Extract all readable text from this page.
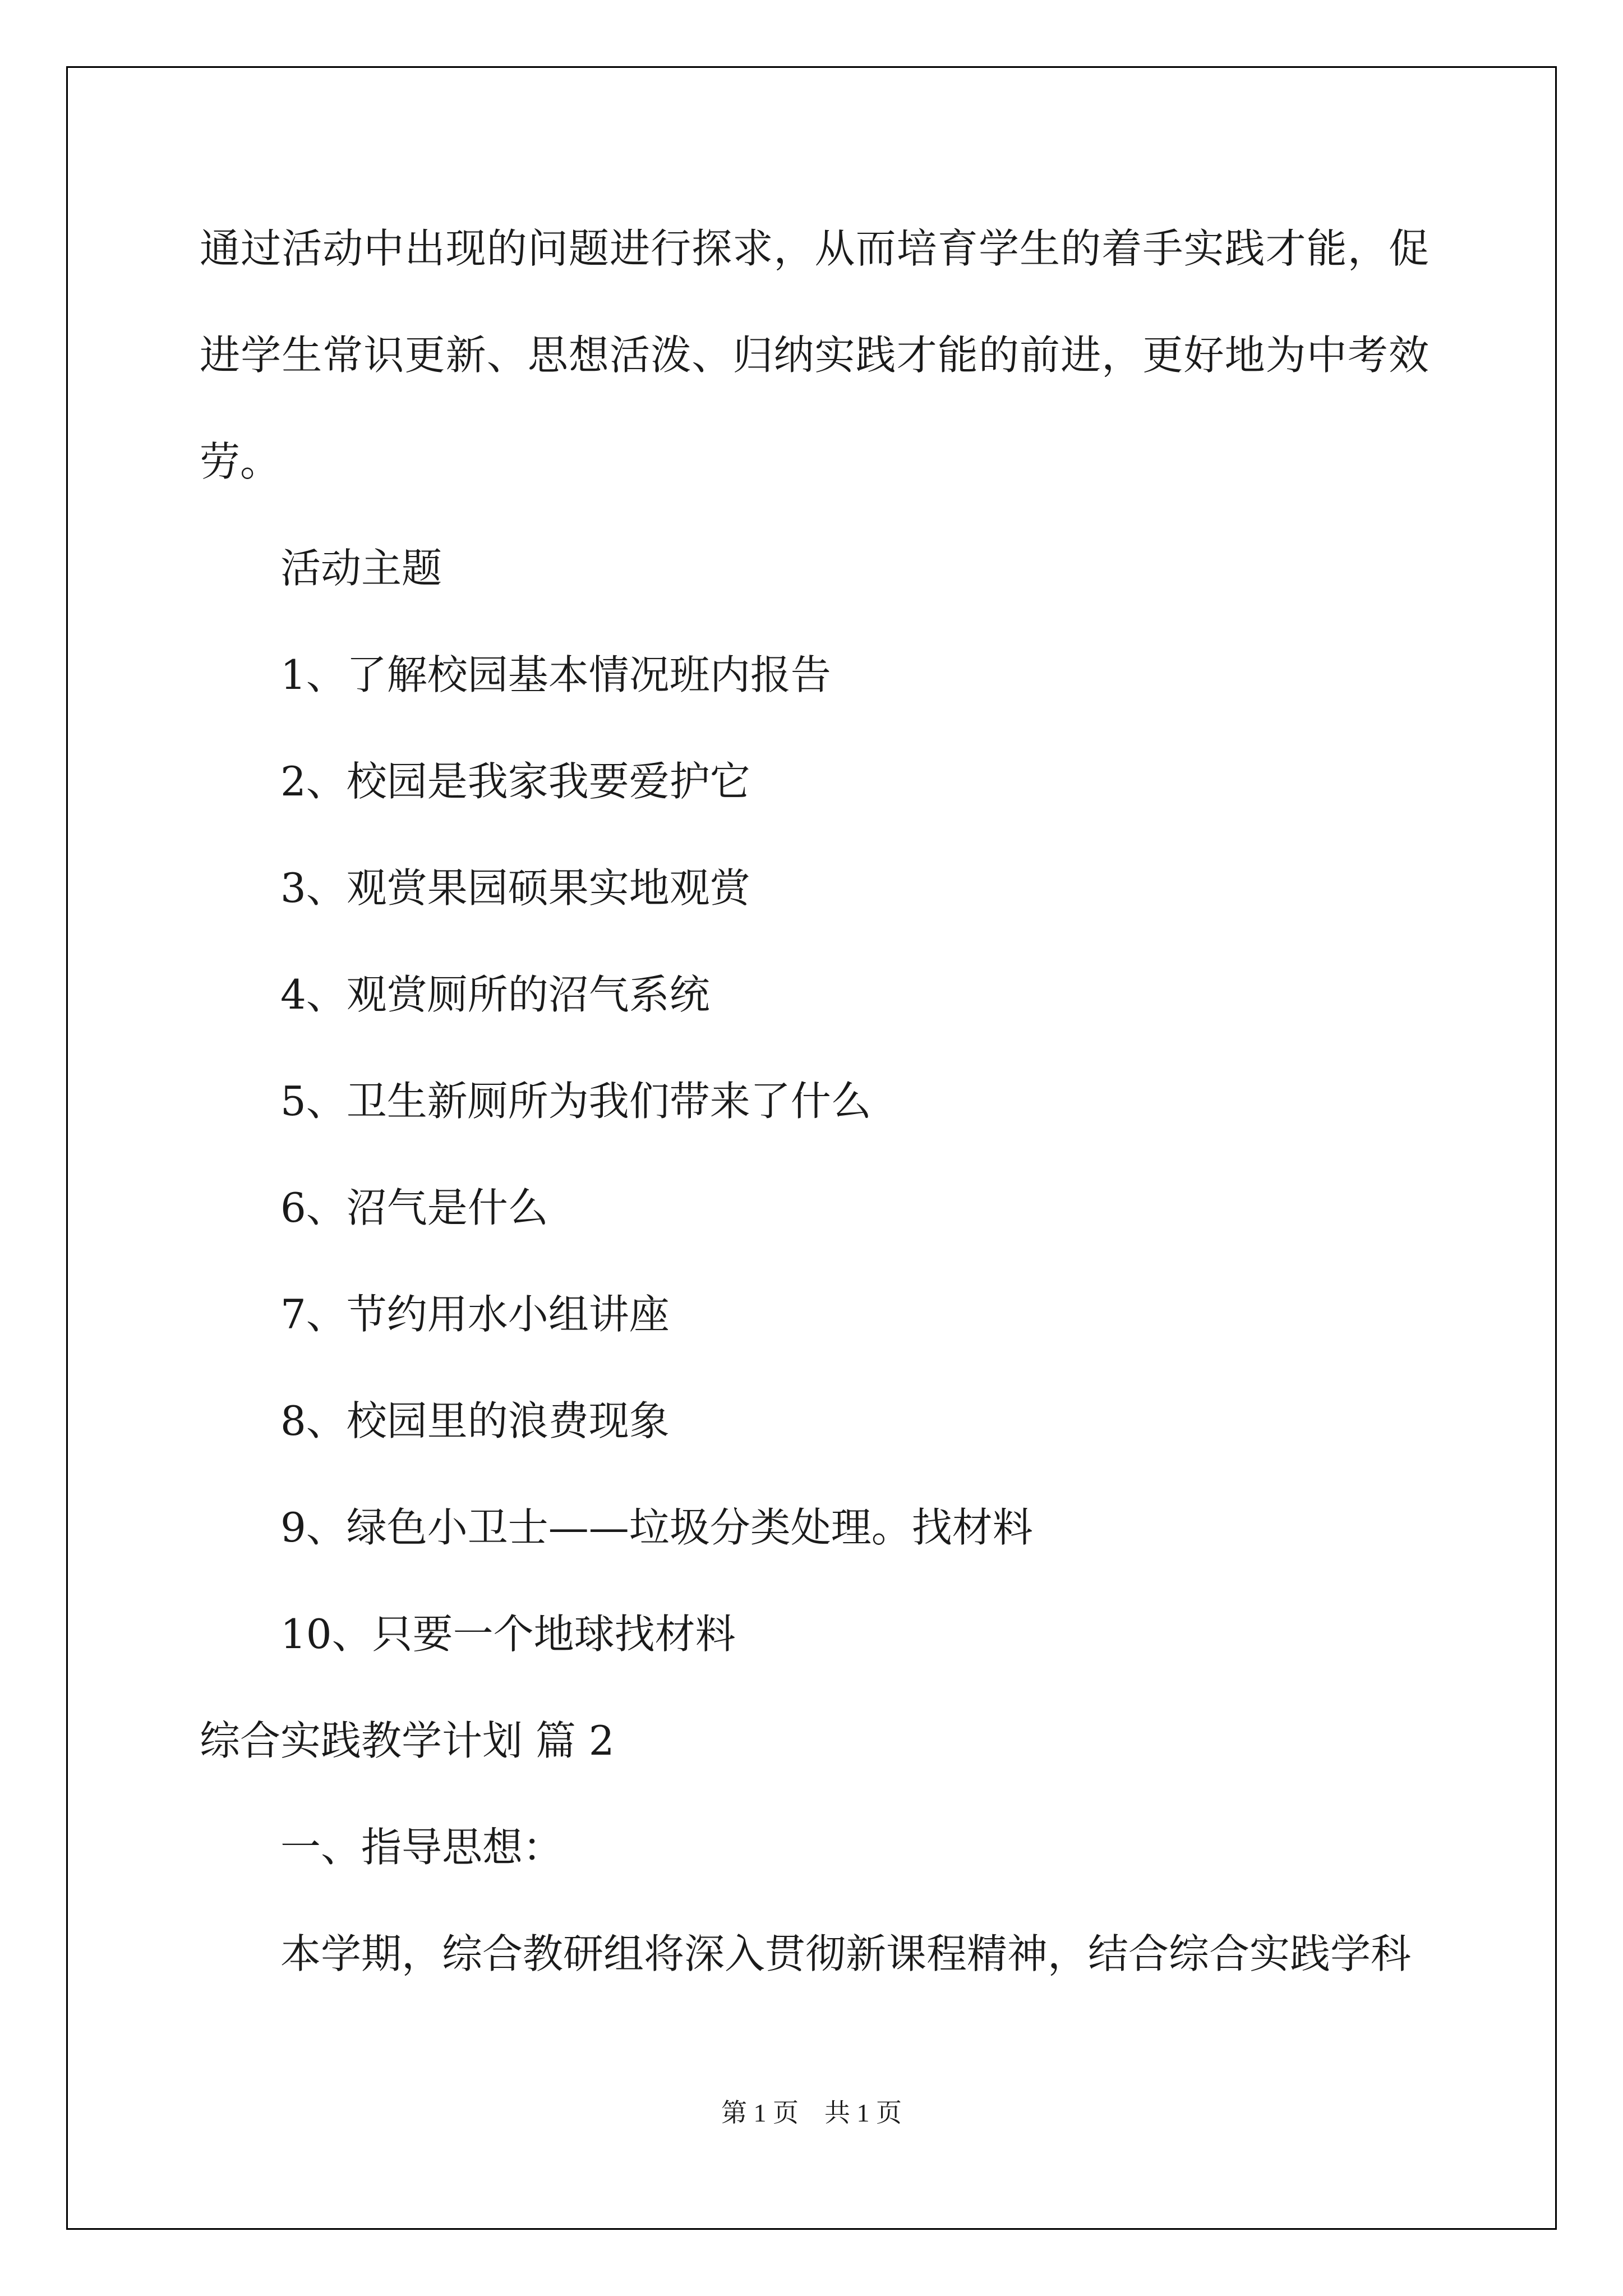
通过活动中出现的问题进行探求，从而培育学生的着手实践才能，促

进学生常识更新、思想活泼、归纳实践才能的前进，更好地为中考效

劳。

活动主题

1、了解校园基本情况班内报告

2、校园是我家我要爱护它

3、观赏果园硕果实地观赏

4、观赏厕所的沼气系统

5、卫生新厕所为我们带来了什么

6、沼气是什么

7、节约用水小组讲座

8、校园里的浪费现象

9、绿色小卫士——垃圾分类处理。找材料

10、只要一个地球找材料

综合实践教学计划 篇 2

一、指导思想：

本学期，综合教研组将深入贯彻新课程精神，结合综合实践学科

第 1 页    共 1 页
